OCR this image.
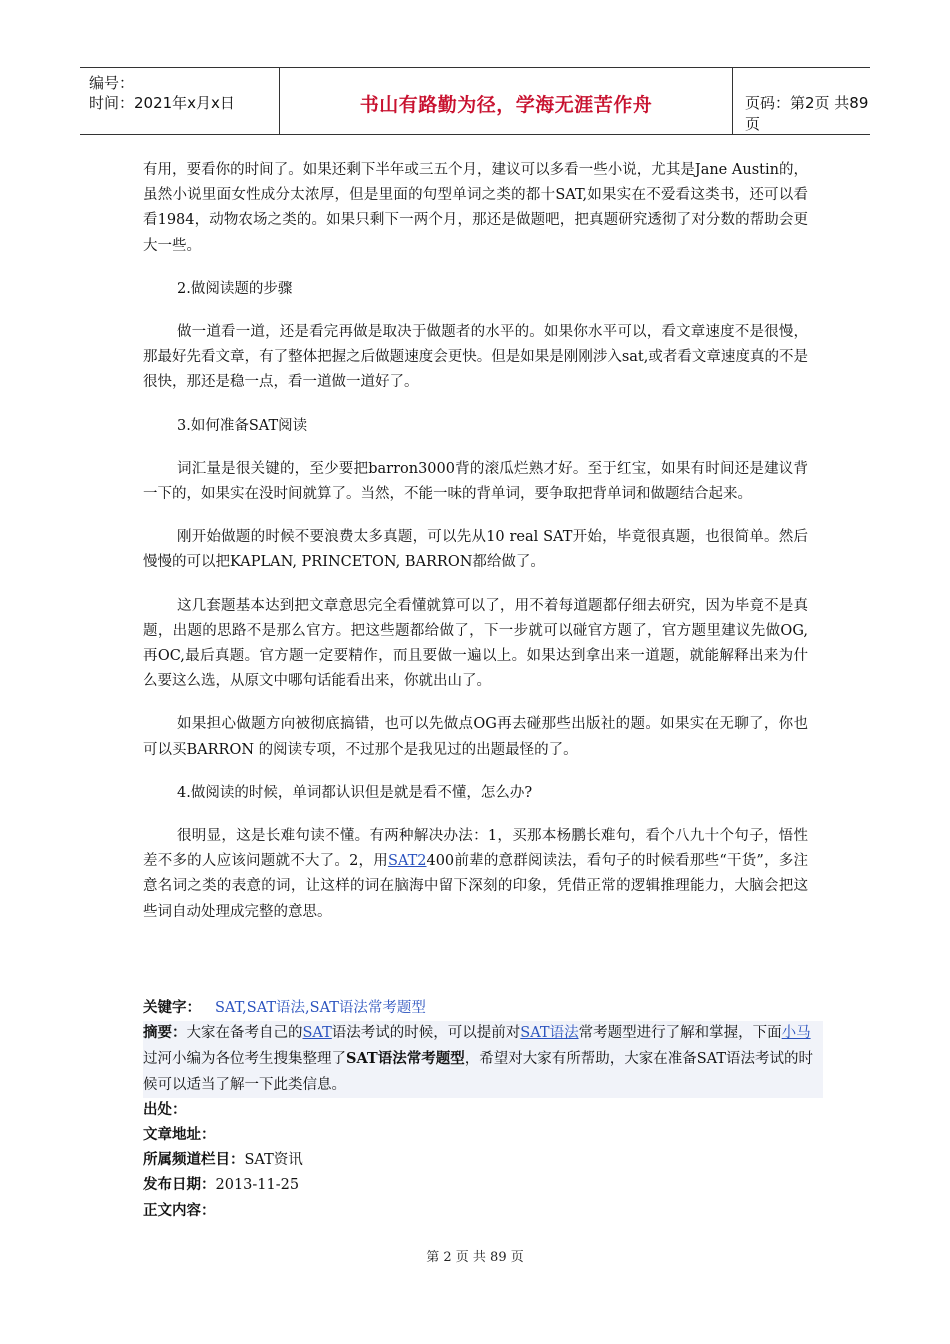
编号：
时间：2021年x月x日	书山有路勤为径，学海无涯苦作舟	页码：第2页 共89页

有用，要看你的时间了。如果还剩下半年或三五个月，建议可以多看一些小说，尤其是Jane Austin的，虽然小说里面女性成分太浓厚，但是里面的句型单词之类的都十SAT,如果实在不爱看这类书，还可以看看1984，动物农场之类的。如果只剩下一两个月，那还是做题吧，把真题研究透彻了对分数的帮助会更大一些。

2.做阅读题的步骤

做一道看一道，还是看完再做是取决于做题者的水平的。如果你水平可以，看文章速度不是很慢，那最好先看文章，有了整体把握之后做题速度会更快。但是如果是刚刚涉入sat,或者看文章速度真的不是很快，那还是稳一点，看一道做一道好了。

3.如何准备SAT阅读

词汇量是很关键的，至少要把barron3000背的滚瓜烂熟才好。至于红宝，如果有时间还是建议背一下的，如果实在没时间就算了。当然，不能一味的背单词，要争取把背单词和做题结合起来。

刚开始做题的时候不要浪费太多真题，可以先从10 real SAT开始，毕竟很真题，也很简单。然后慢慢的可以把KAPLAN, PRINCETON, BARRON都给做了。

这几套题基本达到把文章意思完全看懂就算可以了，用不着每道题都仔细去研究，因为毕竟不是真题，出题的思路不是那么官方。把这些题都给做了，下一步就可以碰官方题了，官方题里建议先做OG,再OC,最后真题。官方题一定要精作，而且要做一遍以上。如果达到拿出来一道题，就能解释出来为什么要这么选，从原文中哪句话能看出来，你就出山了。

如果担心做题方向被彻底搞错，也可以先做点OG再去碰那些出版社的题。如果实在无聊了，你也可以买BARRON 的阅读专项，不过那个是我见过的出题最怪的了。

4.做阅读的时候，单词都认识但是就是看不懂，怎么办?

很明显，这是长难句读不懂。有两种解决办法：1，买那本杨鹏长难句，看个八九十个句子，悟性差不多的人应该问题就不大了。2，用SAT2400前辈的意群阅读法，看句子的时候看那些“干货”，多注意名词之类的表意的词，让这样的词在脑海中留下深刻的印象，凭借正常的逻辑推理能力，大脑会把这些词自动处理成完整的意思。

关键字： SAT,SAT语法,SAT语法常考题型
摘要：大家在备考自己的SAT语法考试的时候，可以提前对SAT语法常考题型进行了解和掌握，下面小马过河小编为各位考生搜集整理了SAT语法常考题型，希望对大家有所帮助，大家在准备SAT语法考试的时候可以适当了解一下此类信息。
出处：
文章地址：
所属频道栏目：SAT资讯
发布日期：2013-11-25
正文内容：
第 2 页 共 89 页
